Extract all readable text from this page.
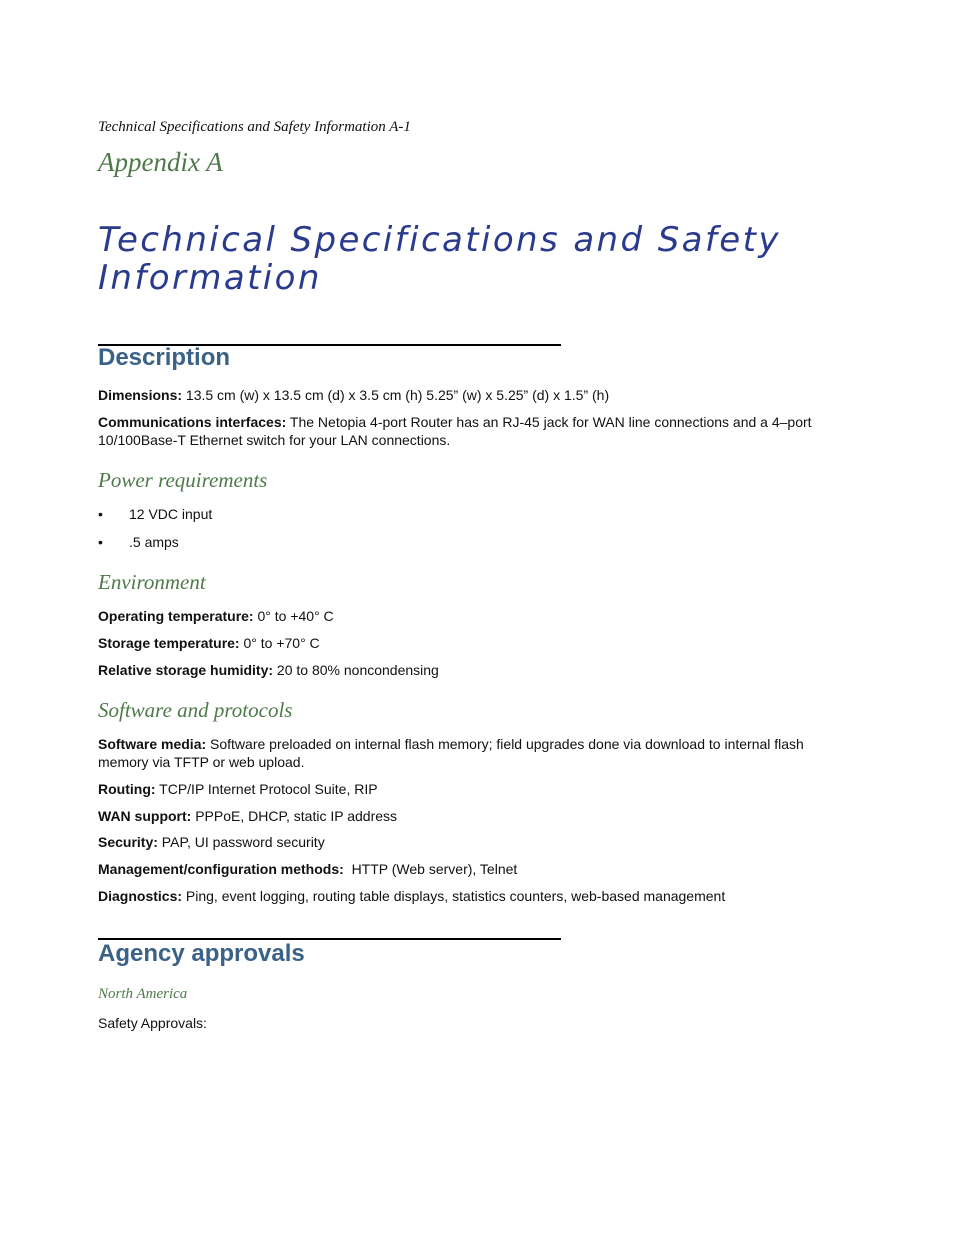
Technical Specifications and Safety Information A-1
Appendix A
Technical Specifications and Safety Information
Description

Dimensions: 13.5 cm (w) x 13.5 cm (d) x 3.5 cm (h) 5.25” (w) x 5.25” (d) x 1.5” (h)

Communications interfaces: The Netopia 4-port Router has an RJ-45 jack for WAN line connections and a 4–port 10/100Base-T Ethernet switch for your LAN connections.

Power requirements
• 12 VDC input
• .5 amps
Environment

Operating temperature: 0° to +40° C

Storage temperature: 0° to +70° C

Relative storage humidity: 20 to 80% noncondensing

Software and protocols

Software media: Software preloaded on internal flash memory; field upgrades done via download to internal flash memory via TFTP or web upload.

Routing: TCP/IP Internet Protocol Suite, RIP

WAN support: PPPoE, DHCP, static IP address

Security: PAP, UI password security

Management/configuration methods:  HTTP (Web server), Telnet

Diagnostics: Ping, event logging, routing table displays, statistics counters, web-based management

Agency approvals
North America

Safety Approvals:
